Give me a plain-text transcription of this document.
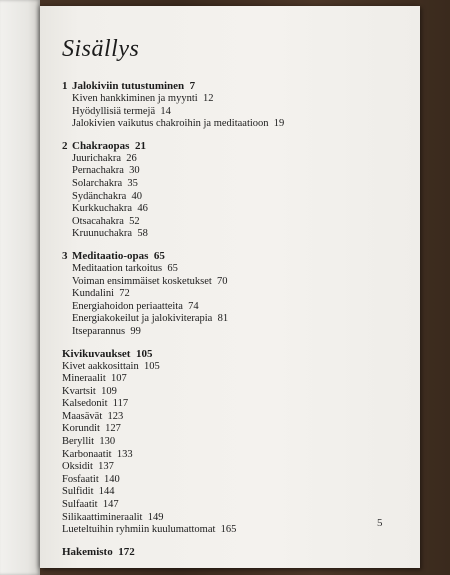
Sisällys
1 Jalokiviin tutustuminen 7
Kiven hankkiminen ja myynti 12
Hyödyllisiä termejä 14
Jalokivien vaikutus chakroihin ja meditaatioon 19
2 Chakraopas 21
Juurichakra 26
Pernachakra 30
Solarchakra 35
Sydänchakra 40
Kurkkuchakra 46
Otsacahakra 52
Kruunuchakra 58
3 Meditaatio-opas 65
Meditaation tarkoitus 65
Voiman ensimmäiset kosketukset 70
Kundalini 72
Energiahoidon periaatteita 74
Energiakokeilut ja jalokiviterapia 81
Itseparannus 99
Kivikuvaukset 105
Kivet aakkosittain 105
Mineraalit 107
Kvartsit 109
Kalsedonit 117
Maasävät 123
Korundit 127
Beryllit 130
Karbonaatit 133
Oksidit 137
Fosfaatit 140
Sulfidit 144
Sulfaatit 147
Silikaattimineraalit 149
Lueteltuihin ryhmiin kuulumattomat 165
Hakemisto 172
5
